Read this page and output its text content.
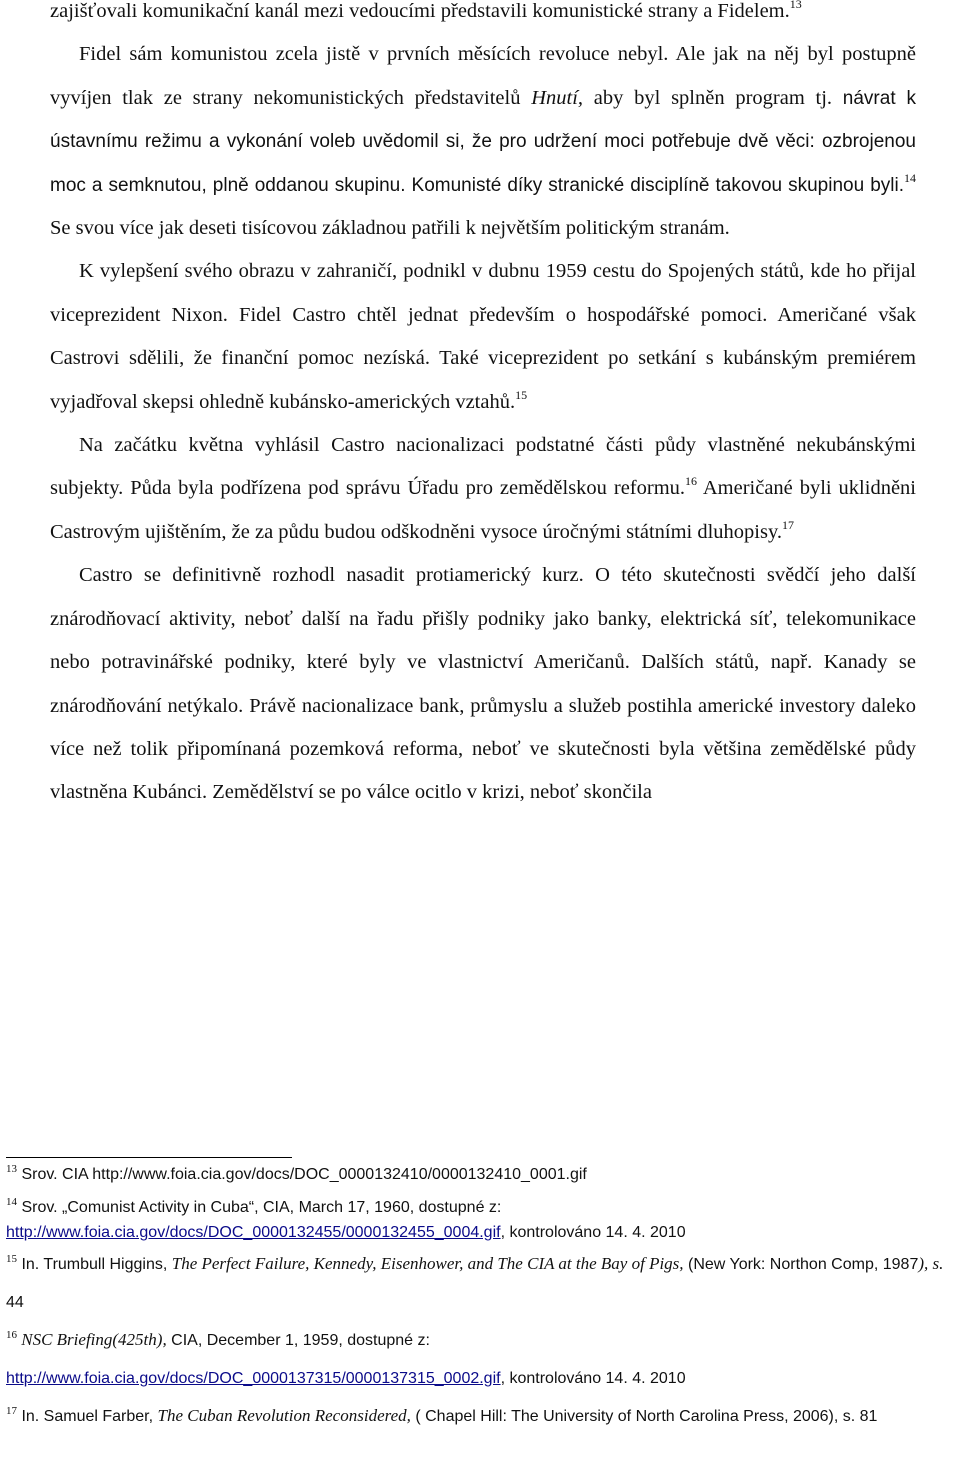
zajišťovali komunikační kanál mezi vedoucími představili komunistické strany a Fidelem.$^{13}$

Fidel sám komunistou zcela jistě v prvních měsících revoluce nebyl. Ale jak na něj byl postupně vyvíjen tlak ze strany nekomunistických představitelů Hnutí, aby byl splněn program tj. návrat k ústavnímu režimu a vykonání voleb uvědomil si, že pro udržení moci potřebuje dvě věci: ozbrojenou moc a semknutou, plně oddanou skupinu. Komunisté díky stranické disciplíně takovou skupinou byli.$^{14}$ Se svou více jak deseti tisícovou základnou patřili k největším politickým stranám.

K vylepšení svého obrazu v zahraničí, podnikl v dubnu 1959 cestu do Spojených států, kde ho přijal viceprezident Nixon. Fidel Castro chtěl jednat především o hospodářské pomoci. Američané však Castrovi sdělili, že finanční pomoc nezíská. Také viceprezident po setkání s kubánským premiérem vyjadřoval skepsi ohledně kubánsko-amerických vztahů.$^{15}$

Na začátku května vyhlásil Castro nacionalizaci podstatné části půdy vlastněné nekubánskými subjekty. Půda byla podřízena pod správu Úřadu pro zemědělskou reformu.$^{16}$ Američané byli uklidněni Castrovým ujištěním, že za půdu budou odškodněni vysoce úročnými státními dluhopisy.$^{17}$

Castro se definitivně rozhodl nasadit protiamerický kurz. O této skutečnosti svědčí jeho další znárodňovací aktivity, neboť další na řadu přišly podniky jako banky, elektrická síť, telekomunikace nebo potravinářské podniky, které byly ve vlastnictví Američanů. Dalších států, např. Kanady se znárodňování netýkalo. Právě nacionalizace bank, průmyslu a služeb postihla americké investory daleko více než tolik připomínaná pozemková reforma, neboť ve skutečnosti byla většina zemědělské půdy vlastněna Kubánci. Zemědělství se po válce ocitlo v krizi, neboť skončila

$^{13}$ Srov. CIA http://www.foia.cia.gov/docs/DOC_0000132410/0000132410_0001.gif

$^{14}$ Srov. „Comunist Activity in Cuba“, CIA, March 17, 1960, dostupné z:
http://www.foia.cia.gov/docs/DOC_0000132455/0000132455_0004.gif, kontrolováno 14. 4. 2010

$^{15}$ In. Trumbull Higgins, The Perfect Failure, Kennedy, Eisenhower, and The CIA at the Bay of Pigs, (New York: Northon Comp, 1987), s. 44

$^{16}$ NSC Briefing(425th), CIA, December 1, 1959, dostupné z:
http://www.foia.cia.gov/docs/DOC_0000137315/0000137315_0002.gif, kontrolováno 14. 4. 2010

$^{17}$ In. Samuel Farber, The Cuban Revolution Reconsidered, ( Chapel Hill: The University of North Carolina Press, 2006), s. 81
